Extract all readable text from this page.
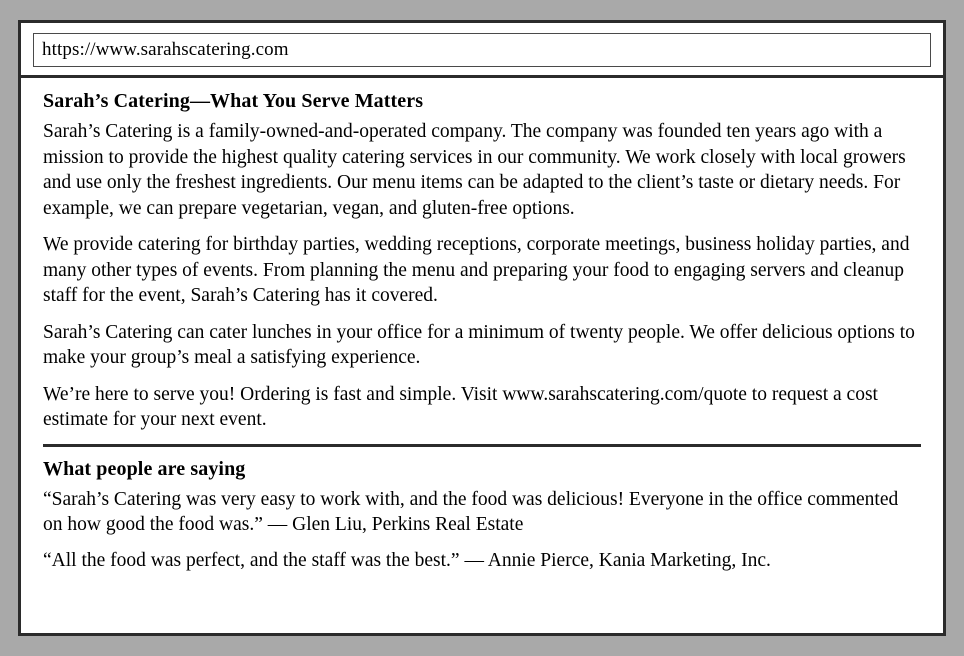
https://www.sarahscatering.com
Sarah’s Catering—What You Serve Matters

Sarah’s Catering is a family-owned-and-operated company. The company was founded ten years ago with a mission to provide the highest quality catering services in our community. We work closely with local growers and use only the freshest ingredients. Our menu items can be adapted to the client’s taste or dietary needs. For example, we can prepare vegetarian, vegan, and gluten-free options.

We provide catering for birthday parties, wedding receptions, corporate meetings, business holiday parties, and many other types of events. From planning the menu and preparing your food to engaging servers and cleanup staff for the event, Sarah’s Catering has it covered.

Sarah’s Catering can cater lunches in your office for a minimum of twenty people. We offer delicious options to make your group’s meal a satisfying experience.

We’re here to serve you! Ordering is fast and simple. Visit www.sarahscatering.com/quote to request a cost estimate for your next event.

What people are saying

“Sarah’s Catering was very easy to work with, and the food was delicious! Everyone in the office commented on how good the food was.” — Glen Liu, Perkins Real Estate

“All the food was perfect, and the staff was the best.” — Annie Pierce, Kania Marketing, Inc.
